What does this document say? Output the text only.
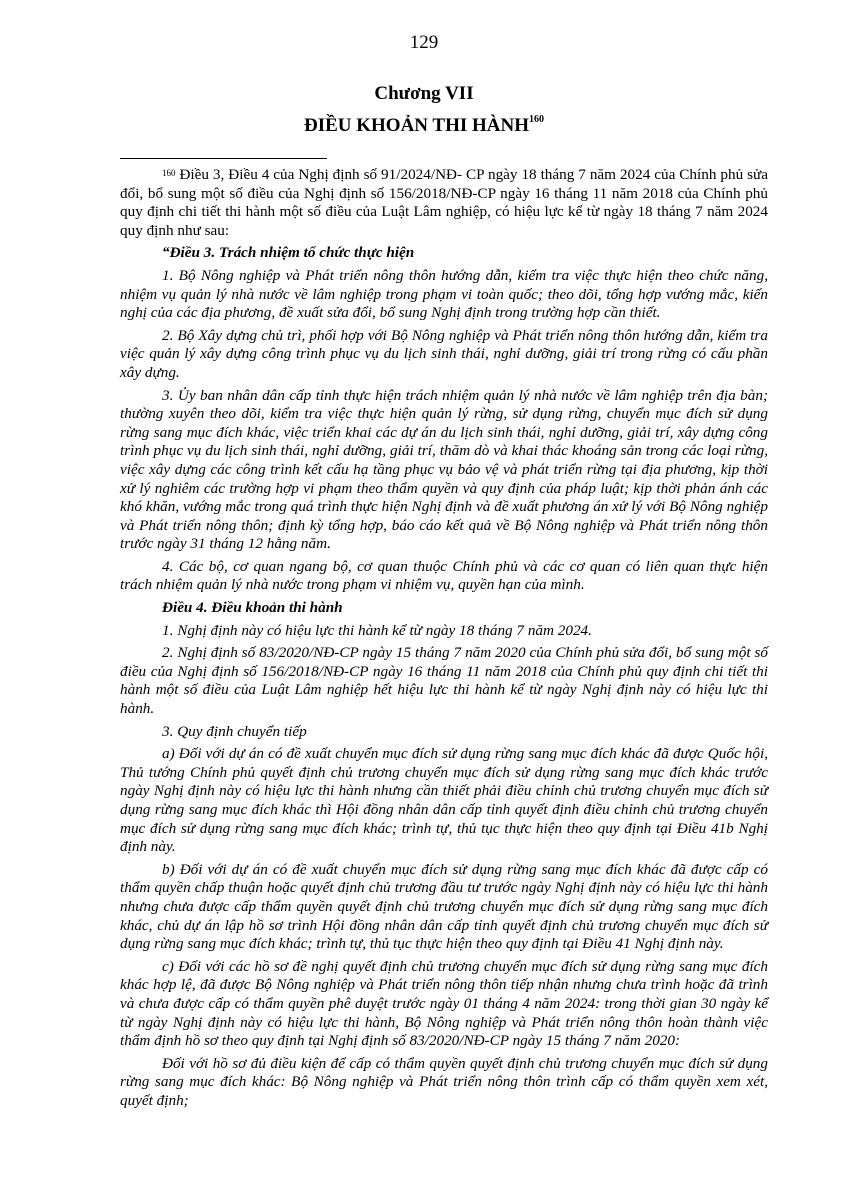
129
Chương VII
ĐIỀU KHOẢN THI HÀNH$^{160}$

$^{160}$ Điều 3, Điều 4 của Nghị định số 91/2024/NĐ- CP ngày 18 tháng 7 năm 2024 của Chính phủ sửa đổi, bổ sung một số điều của Nghị định số 156/2018/NĐ-CP ngày 16 tháng 11 năm 2018 của Chính phủ quy định chi tiết thi hành một số điều của Luật Lâm nghiệp, có hiệu lực kể từ ngày 18 tháng 7 năm 2024 quy định như sau:

“Điều 3. Trách nhiệm tổ chức thực hiện

1. Bộ Nông nghiệp và Phát triển nông thôn hướng dẫn, kiểm tra việc thực hiện theo chức năng, nhiệm vụ quản lý nhà nước về lâm nghiệp trong phạm vi toàn quốc; theo dõi, tổng hợp vướng mắc, kiến nghị của các địa phương, đề xuất sửa đổi, bổ sung Nghị định trong trường hợp cần thiết.

2. Bộ Xây dựng chủ trì, phối hợp với Bộ Nông nghiệp và Phát triển nông thôn hướng dẫn, kiểm tra việc quản lý xây dựng công trình phục vụ du lịch sinh thái, nghỉ dưỡng, giải trí trong rừng có cấu phần xây dựng.

3. Ủy ban nhân dân cấp tỉnh thực hiện trách nhiệm quản lý nhà nước về lâm nghiệp trên địa bàn; thường xuyên theo dõi, kiểm tra việc thực hiện quản lý rừng, sử dụng rừng, chuyển mục đích sử dụng rừng sang mục đích khác, việc triển khai các dự án du lịch sinh thái, nghỉ dưỡng, giải trí, xây dựng công trình phục vụ du lịch sinh thái, nghỉ dưỡng, giải trí, thăm dò và khai thác khoáng sản trong các loại rừng, việc xây dựng các công trình kết cấu hạ tầng phục vụ bảo vệ và phát triển rừng tại địa phương, kịp thời xử lý nghiêm các trường hợp vi phạm theo thẩm quyền và quy định của pháp luật; kịp thời phản ánh các khó khăn, vướng mắc trong quá trình thực hiện Nghị định và đề xuất phương án xử lý với Bộ Nông nghiệp và Phát triển nông thôn; định kỳ tổng hợp, báo cáo kết quả về Bộ Nông nghiệp và Phát triển nông thôn trước ngày 31 tháng 12 hằng năm.

4. Các bộ, cơ quan ngang bộ, cơ quan thuộc Chính phủ và các cơ quan có liên quan thực hiện trách nhiệm quản lý nhà nước trong phạm vi nhiệm vụ, quyền hạn của mình.

Điều 4. Điều khoản thi hành

1. Nghị định này có hiệu lực thi hành kể từ ngày 18 tháng 7 năm 2024.

2. Nghị định số 83/2020/NĐ-CP ngày 15 tháng 7 năm 2020 của Chính phủ sửa đổi, bổ sung một số điều của Nghị định số 156/2018/NĐ-CP ngày 16 tháng 11 năm 2018 của Chính phủ quy định chi tiết thi hành một số điều của Luật Lâm nghiệp hết hiệu lực thi hành kể từ ngày Nghị định này có hiệu lực thi hành.

3. Quy định chuyển tiếp

a) Đối với dự án có đề xuất chuyển mục đích sử dụng rừng sang mục đích khác đã được Quốc hội, Thủ tướng Chính phủ quyết định chủ trương chuyển mục đích sử dụng rừng sang mục đích khác trước ngày Nghị định này có hiệu lực thi hành nhưng cần thiết phải điều chỉnh chủ trương chuyển mục đích sử dụng rừng sang mục đích khác thì Hội đồng nhân dân cấp tỉnh quyết định điều chỉnh chủ trương chuyển mục đích sử dụng rừng sang mục đích khác; trình tự, thủ tục thực hiện theo quy định tại Điều 41b Nghị định này.

b) Đối với dự án có đề xuất chuyển mục đích sử dụng rừng sang mục đích khác đã được cấp có thẩm quyền chấp thuận hoặc quyết định chủ trương đầu tư trước ngày Nghị định này có hiệu lực thi hành nhưng chưa được cấp thẩm quyền quyết định chủ trương chuyển mục đích sử dụng rừng sang mục đích khác, chủ dự án lập hồ sơ trình Hội đồng nhân dân cấp tỉnh quyết định chủ trương chuyển mục đích sử dụng rừng sang mục đích khác; trình tự, thủ tục thực hiện theo quy định tại Điều 41 Nghị định này.

c) Đối với các hồ sơ đề nghị quyết định chủ trương chuyển mục đích sử dụng rừng sang mục đích khác hợp lệ, đã được Bộ Nông nghiệp và Phát triển nông thôn tiếp nhận nhưng chưa trình hoặc đã trình và chưa được cấp có thẩm quyền phê duyệt trước ngày 01 tháng 4 năm 2024: trong thời gian 30 ngày kể từ ngày Nghị định này có hiệu lực thi hành, Bộ Nông nghiệp và Phát triển nông thôn hoàn thành việc thẩm định hồ sơ theo quy định tại Nghị định số 83/2020/NĐ-CP ngày 15 tháng 7 năm 2020:

Đối với hồ sơ đủ điều kiện để cấp có thẩm quyền quyết định chủ trương chuyển mục đích sử dụng rừng sang mục đích khác: Bộ Nông nghiệp và Phát triển nông thôn trình cấp có thẩm quyền xem xét, quyết định;
